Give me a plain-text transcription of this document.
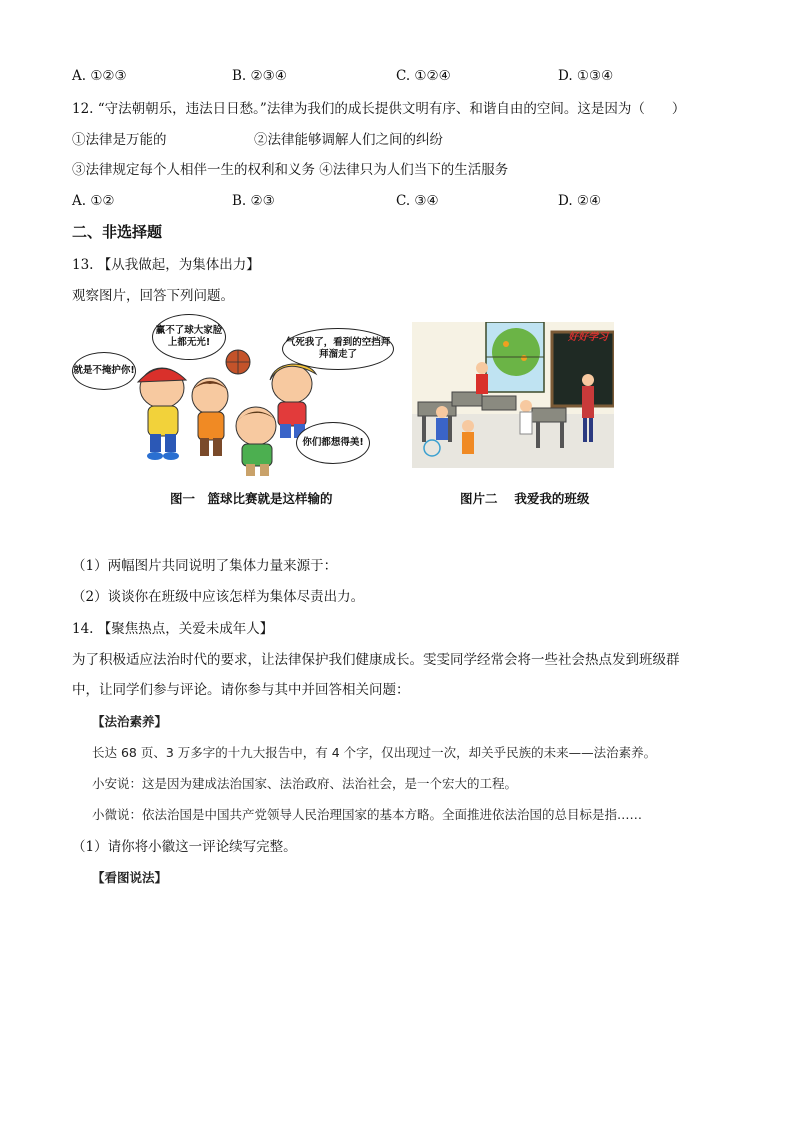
A. ①②③	B. ②③④	C. ①②④	D. ①③④
12. “守法朝朝乐，违法日日愁。”法律为我们的成长提供文明有序、和谐自由的空间。这是因为（　　）
①法律是万能的	②法律能够调解人们之间的纠纷
③法律规定每个人相伴一生的权利和义务 ④法律只为人们当下的生活服务
A. ①②	B. ②③	C. ③④	D. ②④
二、非选择题
13. 【从我做起，为集体出力】
观察图片，回答下列问题。
就是不掩护你!
赢不了球大家脸上都无光!	气死我了，看到的空挡拜拜溜走了
你们都想得美!
好好学习
图一　篮球比赛就是这样输的	图片二　 我爱我的班级
（1）两幅图片共同说明了集体力量来源于：
（2）谈谈你在班级中应该怎样为集体尽责出力。
14. 【聚焦热点，关爱未成年人】
为了积极适应法治时代的要求，让法律保护我们健康成长。雯雯同学经常会将一些社会热点发到班级群
中，让同学们参与评论。请你参与其中并回答相关问题：
【法治素养】
长达 68 页、3 万多字的十九大报告中，有 4 个字，仅出现过一次，却关乎民族的未来——法治素养。
小安说：这是因为建成法治国家、法治政府、法治社会，是一个宏大的工程。
小微说：依法治国是中国共产党领导人民治理国家的基本方略。全面推进依法治国的总目标是指……
（1）请你将小徽这一评论续写完整。
【看图说法】
